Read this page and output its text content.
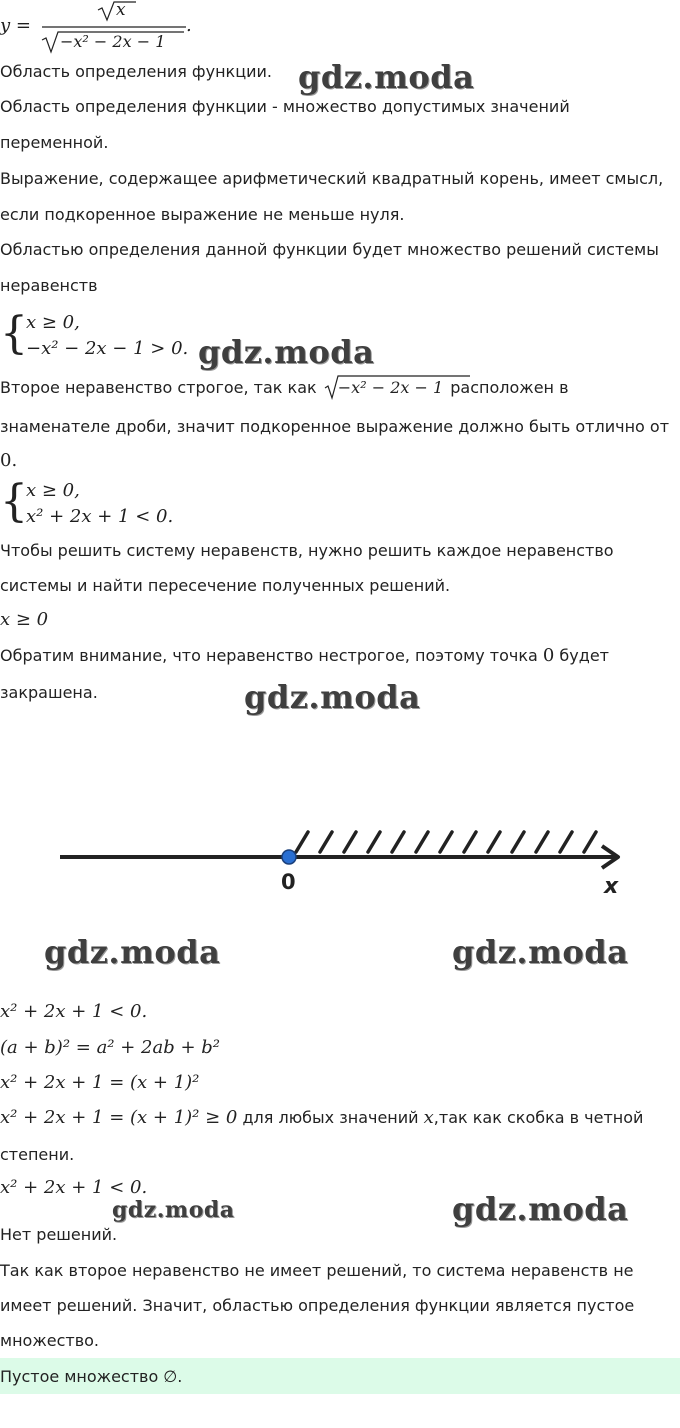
y =
x
−x² − 2x − 1
.
Область определения функции.
Область определения функции - множество допустимых значений
переменной.
Выражение, содержащее арифметический квадратный корень, имеет смысл,
если подкоренное выражение не меньше нуля.
Областью определения данной функции будет множество решений системы
неравенств
{
x ≥ 0,
−x² − 2x − 1 > 0.
Второе неравенство строгое, так как −x² − 2x − 1 расположен в
знаменателе дроби, значит подкоренное выражение должно быть отлично от
0.
{
x ≥ 0,
x² + 2x + 1 < 0.
Чтобы решить систему неравенств, нужно решить каждое неравенство
системы и найти пересечение полученных решений.
x ≥ 0
Обратим внимание, что неравенство нестрогое, поэтому точка 0 будет
закрашена.
0	x
x² + 2x + 1 < 0.
(a + b)² = a² + 2ab + b²
x² + 2x + 1 = (x + 1)²
x² + 2x + 1 = (x + 1)² ≥ 0 для любых значений x,так как скобка в четной
степени.
x² + 2x + 1 < 0.
Нет решений.
Так как второе неравенство не имеет решений, то система неравенств не
имеет решений. Значит, областью определения функции является пустое
множество.
Пустое множество ∅.
gdz.moda
gdz.moda
gdz.moda
gdz.moda	gdz.moda
gdz.moda	gdz.moda
